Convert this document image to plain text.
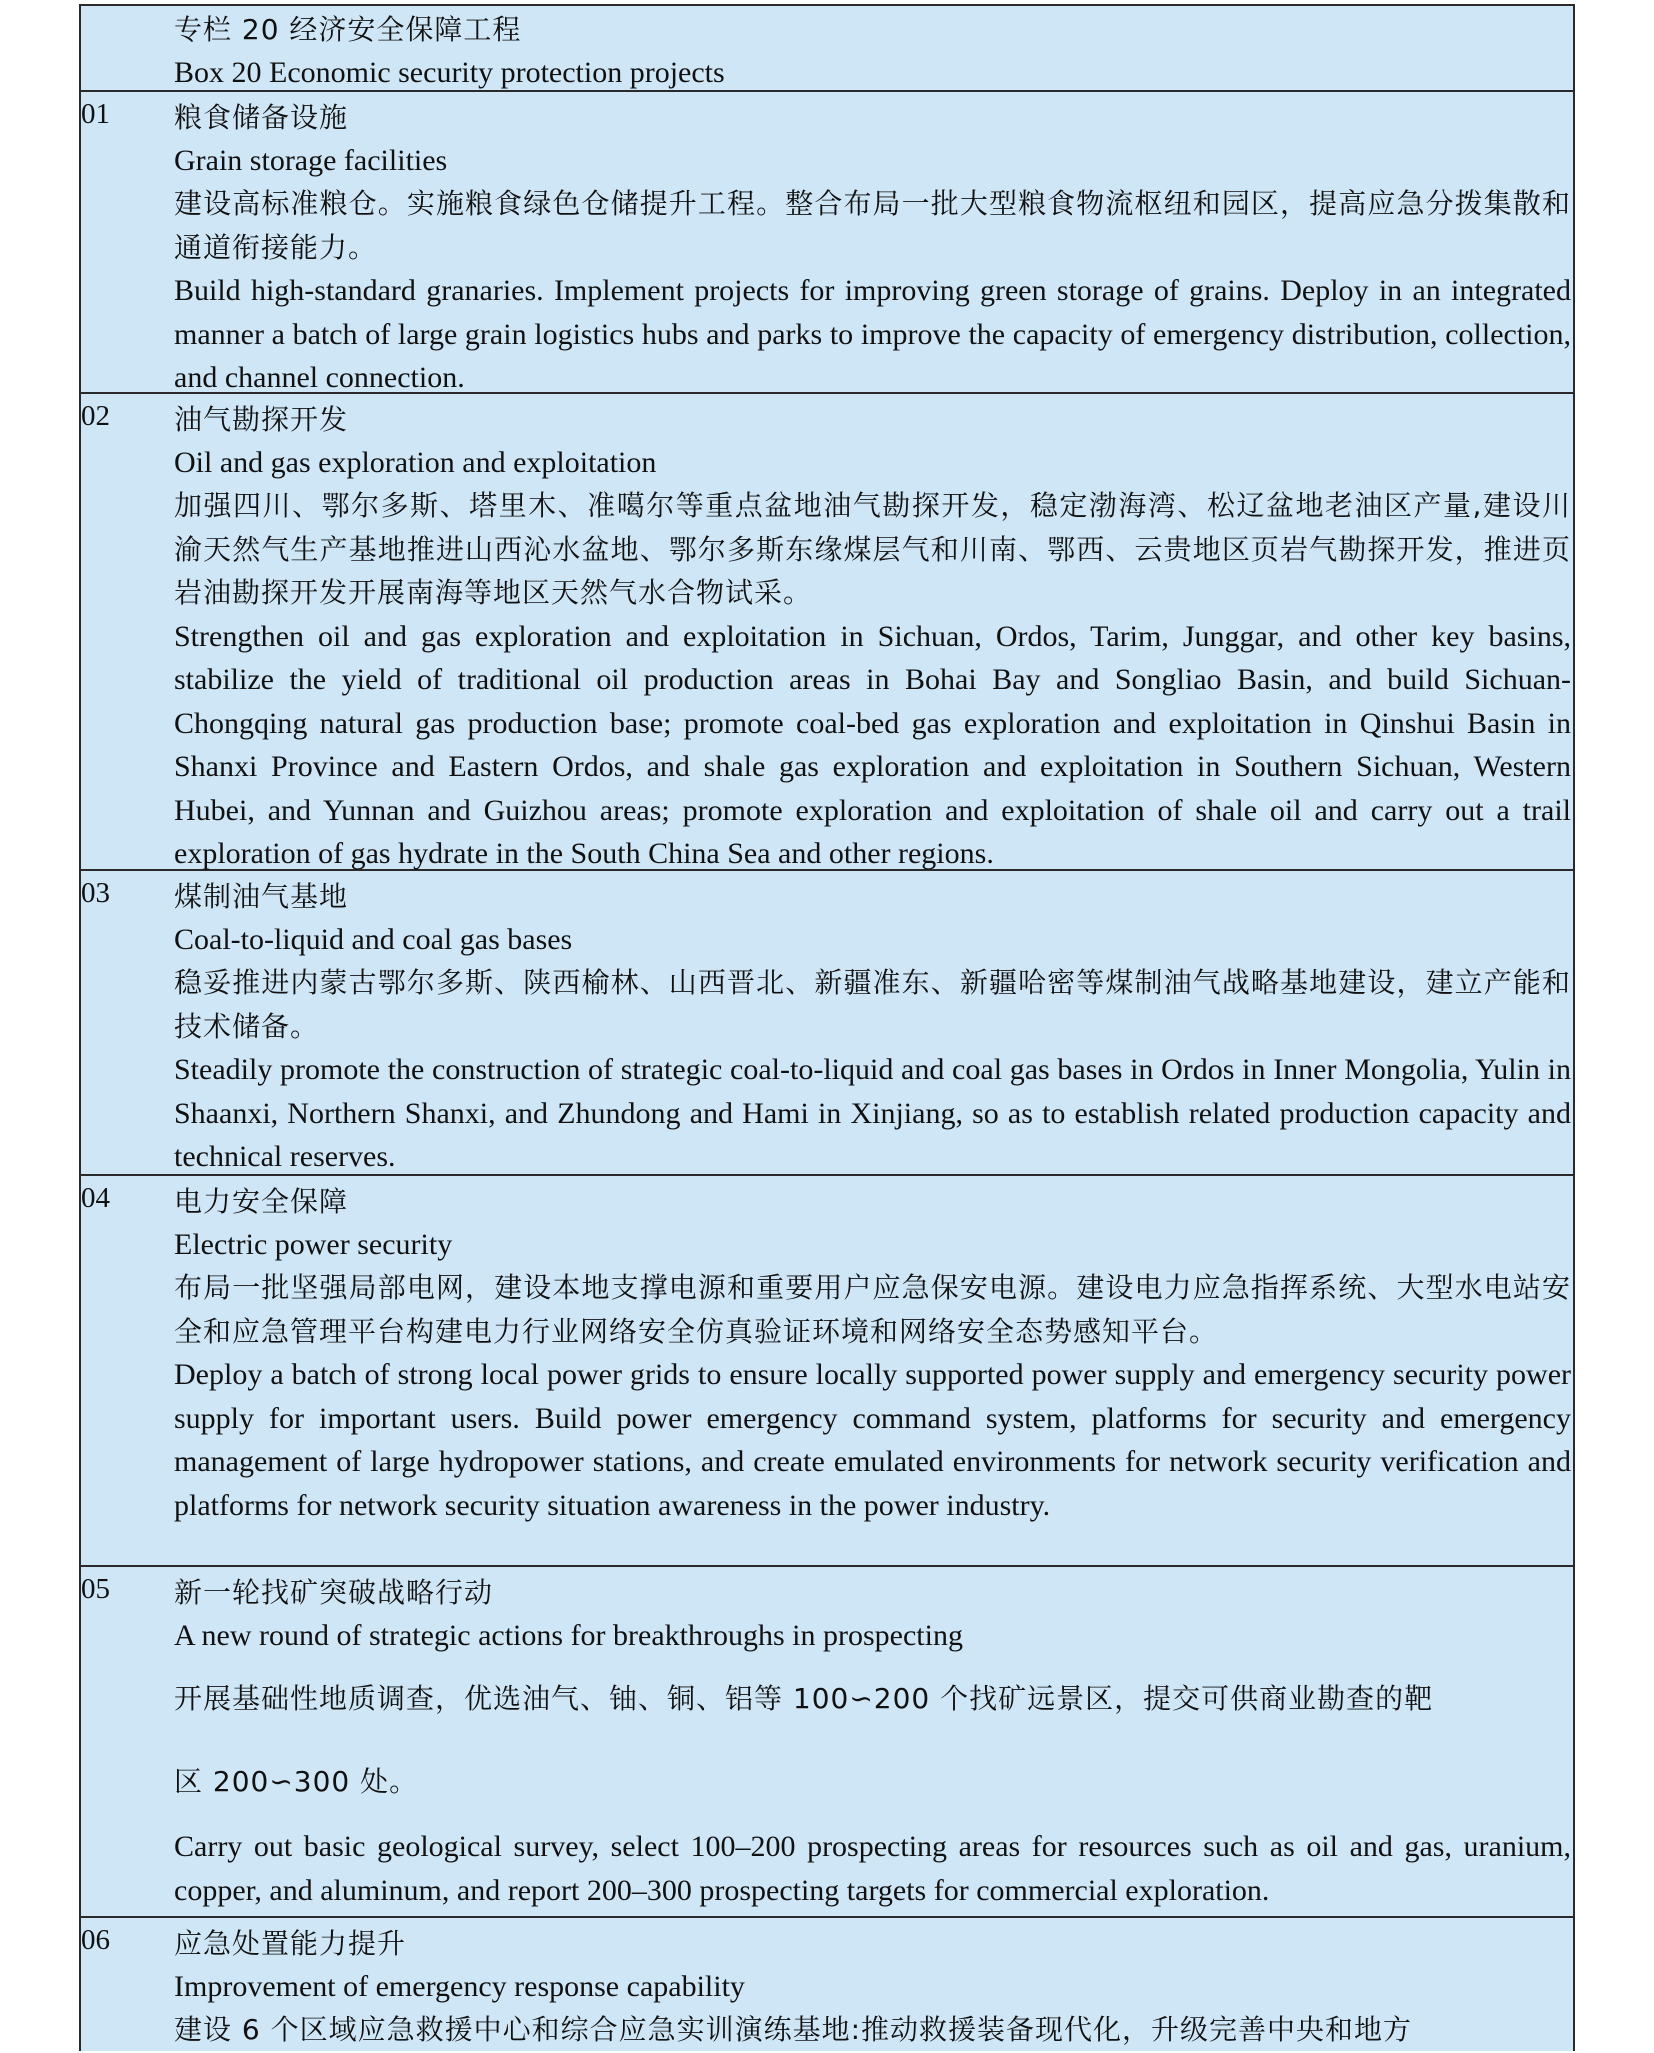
专栏 20 经济安全保障工程
Box 20 Economic security protection projects
01 粮食储备设施
Grain storage facilities
建设高标准粮仓。实施粮食绿色仓储提升工程。整合布局一批大型粮食物流枢纽和园区，提高应急分拨集散和通道衔接能力。
Build high-standard granaries. Implement projects for improving green storage of grains. Deploy in an integrated manner a batch of large grain logistics hubs and parks to improve the capacity of emergency distribution, collection, and channel connection.
02 油气勘探开发
Oil and gas exploration and exploitation
加强四川、鄂尔多斯、塔里木、准噶尔等重点盆地油气勘探开发，稳定渤海湾、松辽盆地老油区产量,建设川渝天然气生产基地推进山西沁水盆地、鄂尔多斯东缘煤层气和川南、鄂西、云贵地区页岩气勘探开发，推进页岩油勘探开发开展南海等地区天然气水合物试采。
Strengthen oil and gas exploration and exploitation in Sichuan, Ordos, Tarim, Junggar, and other key basins, stabilize the yield of traditional oil production areas in Bohai Bay and Songliao Basin, and build Sichuan-Chongqing natural gas production base; promote coal-bed gas exploration and exploitation in Qinshui Basin in Shanxi Province and Eastern Ordos, and shale gas exploration and exploitation in Southern Sichuan, Western Hubei, and Yunnan and Guizhou areas; promote exploration and exploitation of shale oil and carry out a trail exploration of gas hydrate in the South China Sea and other regions.
03 煤制油气基地
Coal-to-liquid and coal gas bases
稳妥推进内蒙古鄂尔多斯、陕西榆林、山西晋北、新疆准东、新疆哈密等煤制油气战略基地建设，建立产能和技术储备。
Steadily promote the construction of strategic coal-to-liquid and coal gas bases in Ordos in Inner Mongolia, Yulin in Shaanxi, Northern Shanxi, and Zhundong and Hami in Xinjiang, so as to establish related production capacity and technical reserves.
04 电力安全保障
Electric power security
布局一批坚强局部电网，建设本地支撑电源和重要用户应急保安电源。建设电力应急指挥系统、大型水电站安全和应急管理平台构建电力行业网络安全仿真验证环境和网络安全态势感知平台。
Deploy a batch of strong local power grids to ensure locally supported power supply and emergency security power supply for important users. Build power emergency command system, platforms for security and emergency management of large hydropower stations, and create emulated environments for network security verification and platforms for network security situation awareness in the power industry.
05 新一轮找矿突破战略行动
A new round of strategic actions for breakthroughs in prospecting
开展基础性地质调查，优选油气、铀、铜、铝等 100∽200 个找矿远景区，提交可供商业勘查的靶
区 200∽300 处。
Carry out basic geological survey, select 100–200 prospecting areas for resources such as oil and gas, uranium, copper, and aluminum, and report 200–300 prospecting targets for commercial exploration.
06 应急处置能力提升
Improvement of emergency response capability
建设 6 个区域应急救援中心和综合应急实训演练基地:推动救援装备现代化，升级完善中央和地方
